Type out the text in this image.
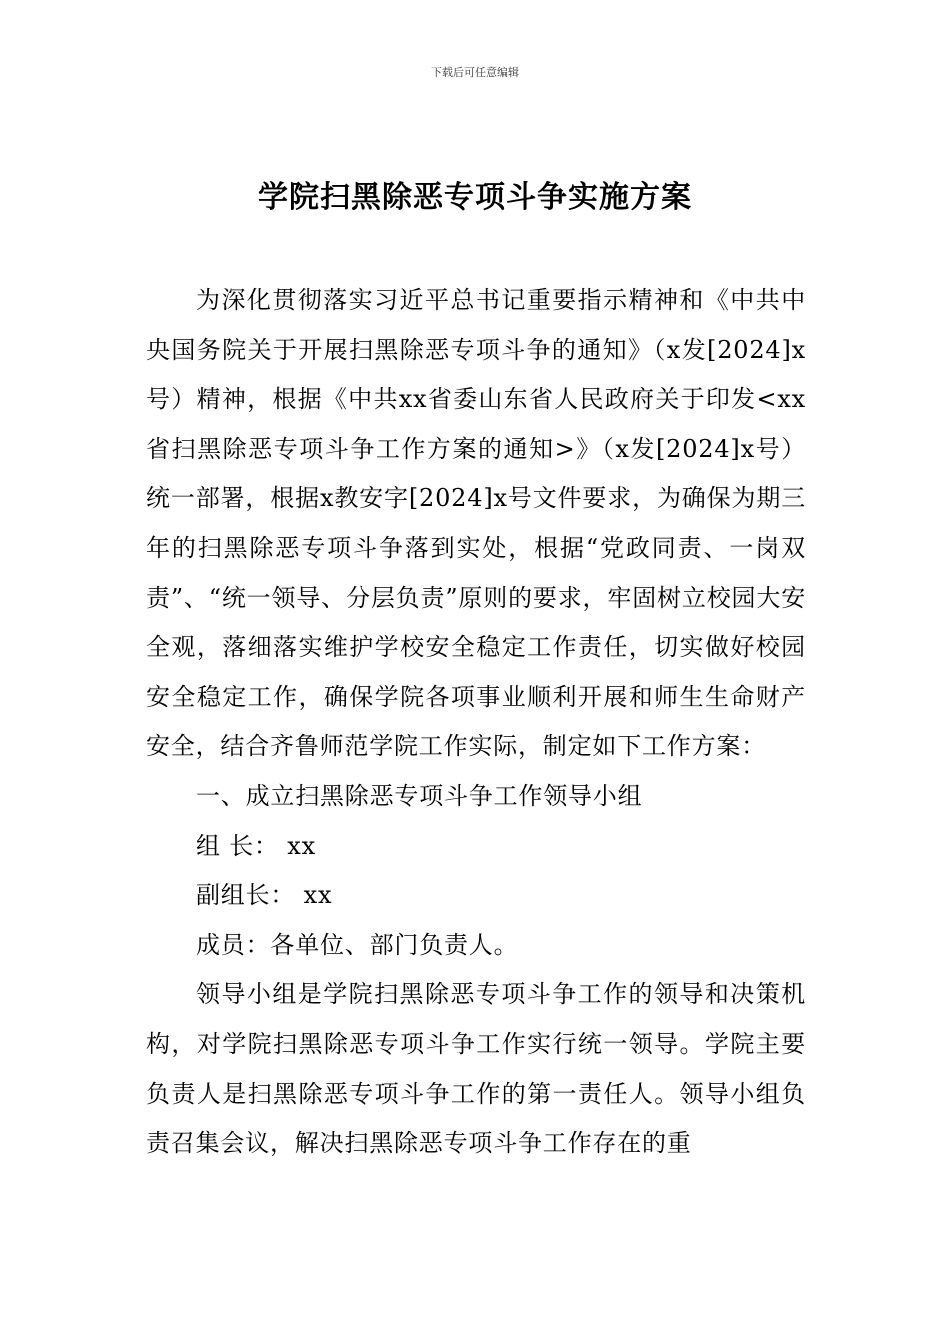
下载后可任意编辑
学院扫黑除恶专项斗争实施方案

为深化贯彻落实习近平总书记重要指示精神和《中共中央国务院关于开展扫黑除恶专项斗争的通知》（x发[2024]x号）精神，根据《中共xx省委山东省人民政府关于印发<xx省扫黑除恶专项斗争工作方案的通知>》（x发[2024]x号）统一部署，根据x教安字[2024]x号文件要求，为确保为期三年的扫黑除恶专项斗争落到实处，根据“党政同责、一岗双责”、“统一领导、分层负责”原则的要求，牢固树立校园大安全观，落细落实维护学校安全稳定工作责任，切实做好校园安全稳定工作，确保学院各项事业顺利开展和师生生命财产安全，结合齐鲁师范学院工作实际，制定如下工作方案：

一、成立扫黑除恶专项斗争工作领导小组

组 长： xx

副组长： xx

成员：各单位、部门负责人。

领导小组是学院扫黑除恶专项斗争工作的领导和决策机构，对学院扫黑除恶专项斗争工作实行统一领导。学院主要负责人是扫黑除恶专项斗争工作的第一责任人。领导小组负责召集会议，解决扫黑除恶专项斗争工作存在的重
